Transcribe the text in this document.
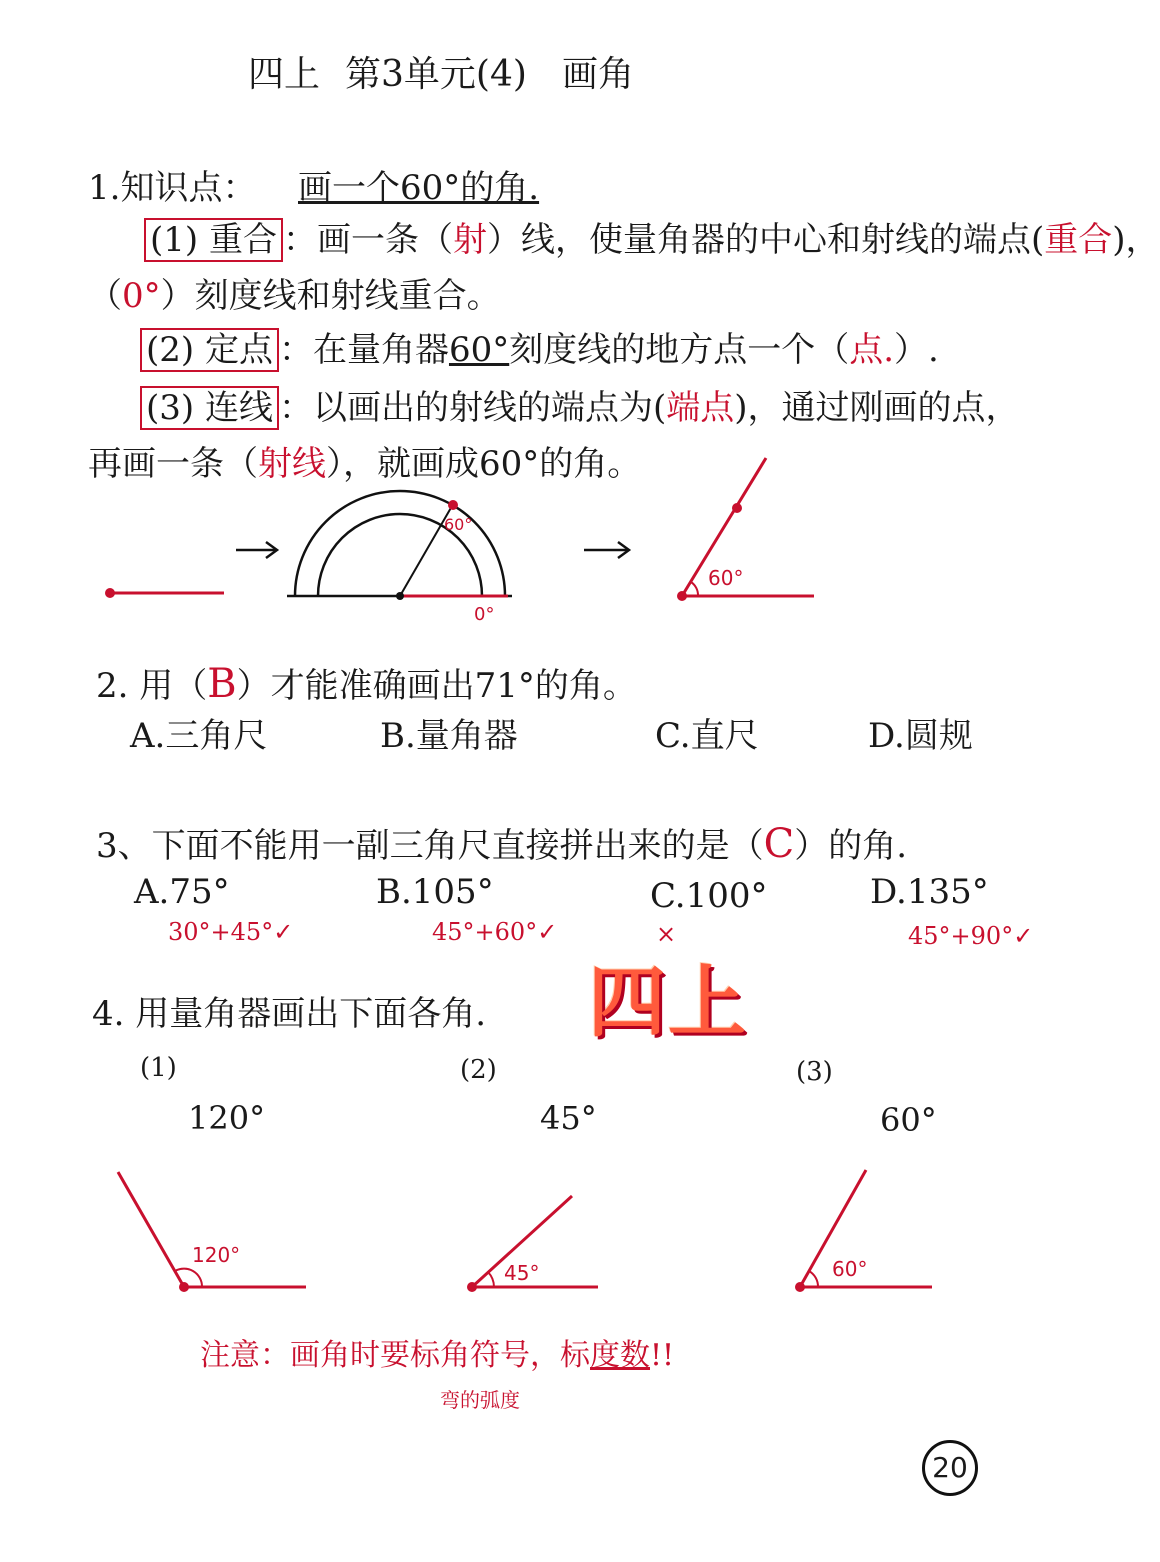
四上 第3单元(4) 画角
1.知识点： 画一个60°的角.
(1) 重合 ：画一条（射）线，使量角器的中心和射线的端点(重合)，
（0°）刻度线和射线重合。
(2) 定点 ：在量角器60°刻度线的地方点一个（点.）.
(3) 连线 ：以画出的射线的端点为(端点)，通过刚画的点，
再画一条（射线），就画成60°的角。
60°
0°
60°
120°
45°	60°
2. 用（B）才能准确画出71°的角。
A.三角尺	B.量角器	C.直尺	D.圆规
3、下面不能用一副三角尺直接拼出来的是（C）的角.
A.75°	B.105°	C.100°	D.135°
30°+45°✓	45°+60°✓	×	45°+90°✓
四上
4. 用量角器画出下面各角.
(1)	(2)	(3)
120°	45°	60°
注意：画角时要标角符号，标度数!!
弯的弧度
20
